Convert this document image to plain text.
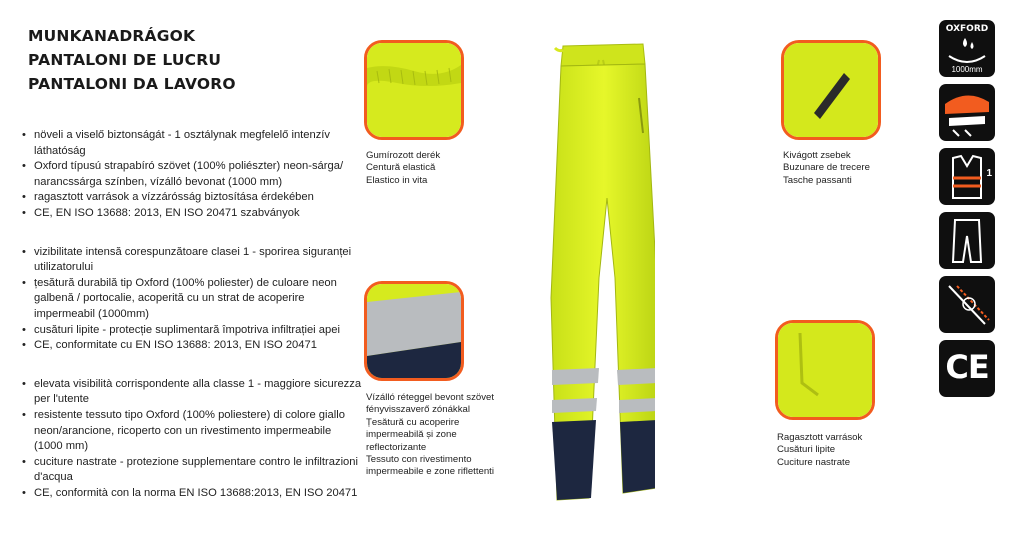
MUNKANADRÁGOK
PANTALONI DE LUCRU
PANTALONI DA LAVORO
• növeli a viselő biztonságát - 1 osztálynak megfelelő intenzív láthatóság
• Oxford típusú strapabíró szövet (100% poliészter) neon-sárga/ narancssárga színben, vízálló bevonat (1000 mm)
• ragasztott varrások a vízzárósság biztosítása érdekében
• CE, EN ISO 13688: 2013, EN ISO 20471 szabványok
• vizibilitate intensă corespunzătoare clasei 1 - sporirea siguranței utilizatorului
• țesătură durabilă tip Oxford (100% poliester) de culoare neon galbenă / portocalie, acoperită cu un strat de acoperire impermeabil (1000mm)
• cusături lipite - protecție suplimentară împotriva infiltrației apei
• CE, conformitate cu EN ISO 13688: 2013, EN ISO 20471
• elevata visibilità corrispondente alla classe 1 - maggiore sicurezza per l'utente
• resistente tessuto tipo Oxford (100% poliestere) di colore giallo neon/arancione, ricoperto con un rivestimento impermeabile (1000 mm)
• cuciture nastrate - protezione supplementare contro le infiltrazioni d'acqua
• CE, conformità con la norma EN ISO 13688:2013, EN ISO 20471
Gumírozott derék
Centură elastică
Elastico in vita
Kivágott zsebek
Buzunare de trecere
Tasche passanti
Vízálló réteggel bevont szövet
fényvisszaverő zónákkal
Țesătură cu acoperire
impermeabilă și zone
reflectorizante
Tessuto con rivestimento
impermeabile e zone riflettenti
Ragasztott varrások
Cusături lipite
Cuciture nastrate
OXFORD
1000mm
1
CE
